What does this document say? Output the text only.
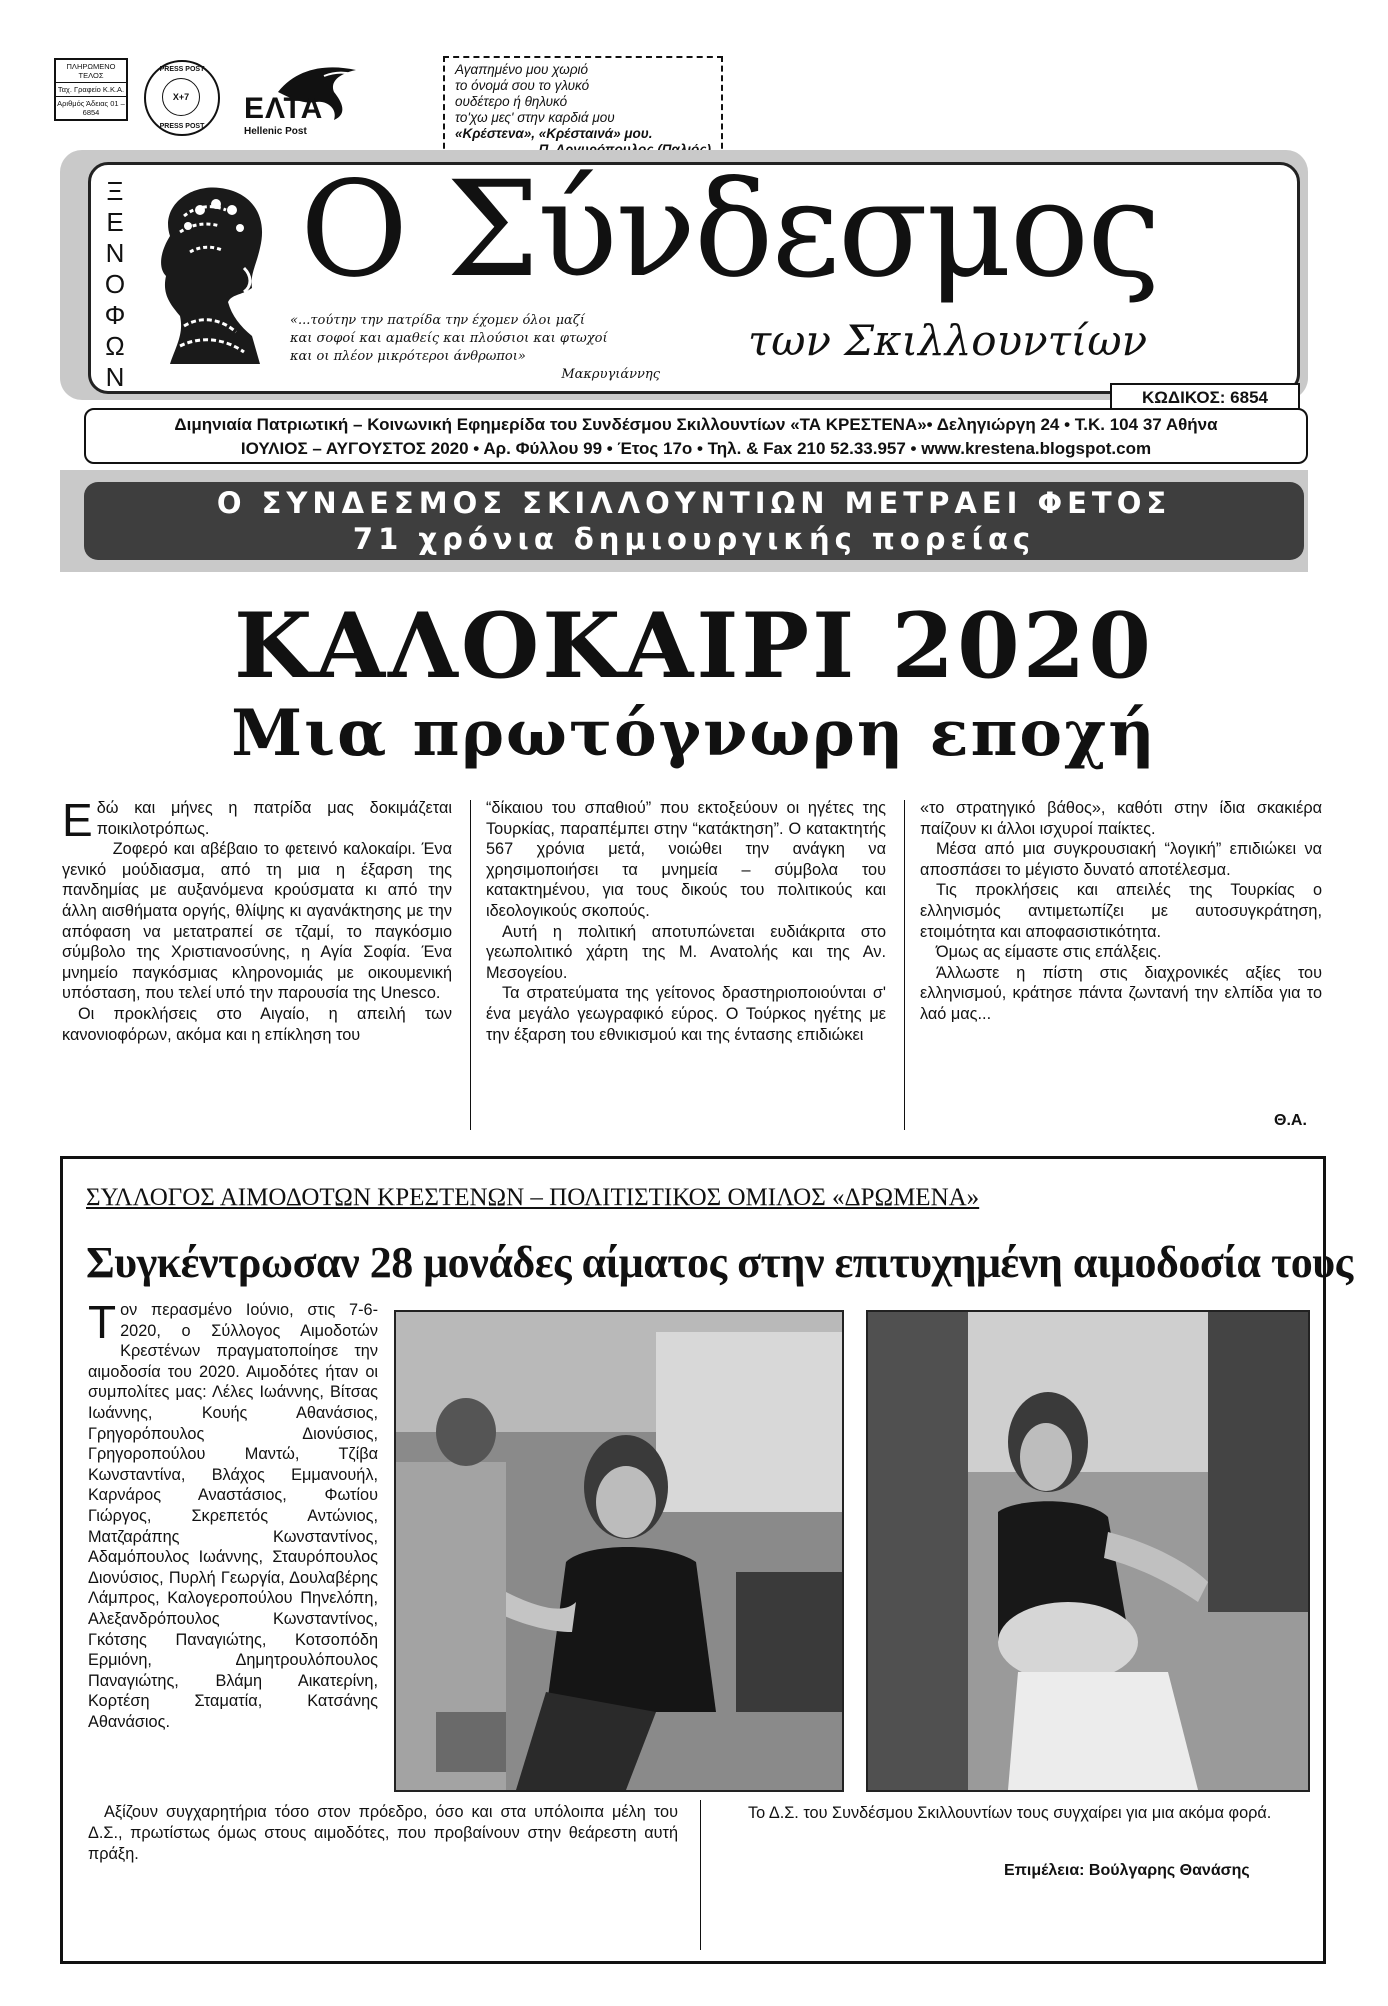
ΠΛΗΡΩΜΕΝΟ ΤΕΛΟΣ
Ταχ. Γραφείο Κ.Κ.Α.
Αριθμός Άδειας 01 – 6854
PRESS POST
Χ+7
PRESS POST
ΕΛΤΑ
Hellenic Post
Αγαπημένο μου χωριό
το όνομά σου το γλυκό
ουδέτερο ή θηλυκό
το'χω μες' στην καρδιά μου
«Κρέστενα», «Κρέσταινά» μου.
Ξ
Ε
Ν
Ο
Φ
Ω
Ν
Ο Σύνδεσμος
των Σκιλλουντίων
«...τούτην την πατρίδα την έχομεν όλοι μαζί
και σοφοί και αμαθείς και πλούσιοι και φτωχοί
και οι πλέον μικρότεροι άνθρωποι»
Μακρυγιάννης
ΚΩΔΙΚΟΣ: 6854
Διμηνιαία Πατριωτική – Κοινωνική Εφημερίδα του Συνδέσμου Σκιλλουντίων «ΤΑ ΚΡΕΣΤΕΝΑ»• Δεληγιώργη 24 • Τ.Κ. 104 37 Αθήνα
ΙΟΥΛΙΟΣ – ΑΥΓΟΥΣΤΟΣ 2020 • Αρ. Φύλλου 99 • Έτος 17ο • Τηλ. & Fax 210 52.33.957 • www.krestena.blogspot.com
Ο ΣΥΝΔΕΣΜΟΣ ΣΚΙΛΛΟΥΝΤΙΩΝ ΜΕΤΡΑΕΙ ΦΕΤΟΣ
71 χρόνια δημιουργικής πορείας
ΚΑΛΟΚΑΙΡΙ 2020
Μια πρωτόγνωρη εποχή

Εδώ και μήνες η πατρίδα μας δοκιμάζεται ποικιλοτρόπως.

Ζοφερό και αβέβαιο το φετεινό καλοκαίρι. Ένα γενικό μούδιασμα, από τη μια η έξαρση της πανδημίας με αυξανόμενα κρούσματα κι από την άλλη αισθήματα οργής, θλίψης κι αγανάκτησης με την απόφαση να μετατραπεί σε τζαμί, το παγκόσμιο σύμβολο της Χριστιανοσύνης, η Αγία Σοφία. Ένα μνημείο παγκόσμιας κληρονομιάς με οικουμενική υπόσταση, που τελεί υπό την παρουσία της Unesco.

Οι προκλήσεις στο Αιγαίο, η απειλή των κανονιοφόρων, ακόμα και η επίκληση του

“δίκαιου του σπαθιού” που εκτοξεύουν οι ηγέτες της Τουρκίας, παραπέμπει στην “κατάκτηση”. Ο κατακτητής 567 χρόνια μετά, νοιώθει την ανάγκη να χρησιμοποιήσει τα μνημεία – σύμβολα του κατακτημένου, για τους δικούς του πολιτικούς και ιδεολογικούς σκοπούς.

Αυτή η πολιτική αποτυπώνεται ευδιάκριτα στο γεωπολιτικό χάρτη της Μ. Ανατολής και της Αν. Μεσογείου.

Τα στρατεύματα της γείτονος δραστηριοποιούνται σ' ένα μεγάλο γεωγραφικό εύρος. Ο Τούρκος ηγέτης με την έξαρση του εθνικισμού και της έντασης επιδιώκει

«το στρατηγικό βάθος», καθότι στην ίδια σκακιέρα παίζουν κι άλλοι ισχυροί παίκτες.

Μέσα από μια συγκρουσιακή “λογική” επιδιώκει να αποσπάσει το μέγιστο δυνατό αποτέλεσμα.

Τις προκλήσεις και απειλές της Τουρκίας ο ελληνισμός αντιμετωπίζει με αυτοσυγκράτηση, ετοιμότητα και αποφασιστικότητα.

Όμως ας είμαστε στις επάλξεις.

Άλλωστε η πίστη στις διαχρονικές αξίες του ελληνισμού, κράτησε πάντα ζωντανή την ελπίδα για το λαό μας...

Θ.Α.
ΣΥΛΛΟΓΟΣ ΑΙΜΟΔΟΤΩΝ ΚΡΕΣΤΕΝΩΝ – ΠΟΛΙΤΙΣΤΙΚΟΣ ΟΜΙΛΟΣ «ΔΡΩΜΕΝΑ»
Συγκέντρωσαν 28 μονάδες αίματος στην επιτυχημένη αιμοδοσία τους

Τον περασμένο Ιούνιο, στις 7-6-2020, ο Σύλλογος Αιμοδοτών Κρεστένων πραγματοποίησε την αιμοδοσία του 2020. Αιμοδότες ήταν οι συμπολίτες μας: Λέλες Ιωάννης, Βίτσας Ιωάννης, Κουής Αθανάσιος, Γρηγορόπουλος Διονύσιος, Γρηγοροπούλου Μαντώ, Τζίβα Κωνσταντίνα, Βλάχος Εμμανουήλ, Καρνάρος Αναστάσιος, Φωτίου Γιώργος, Σκρεπετός Αντώνιος, Ματζαράπης Κωνσταντίνος, Αδαμόπουλος Ιωάννης, Σταυρόπουλος Διονύσιος, Πυρλή Γεωργία, Δουλαβέρης Λάμπρος, Καλογεροπούλου Πηνελόπη, Αλεξανδρόπουλος Κωνσταντίνος, Γκότσης Παναγιώτης, Κοτσοπόδη Ερμιόνη, Δημητρουλόπουλος Παναγιώτης, Βλάμη Αικατερίνη, Κορτέση Σταματία, Κατσάνης Αθανάσιος.

Αξίζουν συγχαρητήρια τόσο στον πρόεδρο, όσο και στα υπόλοιπα μέλη του Δ.Σ., πρωτίστως όμως στους αιμοδότες, που προβαίνουν στην θεάρεστη αυτή πράξη.
Το Δ.Σ. του Συνδέσμου Σκιλλουντίων τους συγχαίρει για μια ακόμα φορά.
Επιμέλεια: Βούλγαρης Θανάσης
